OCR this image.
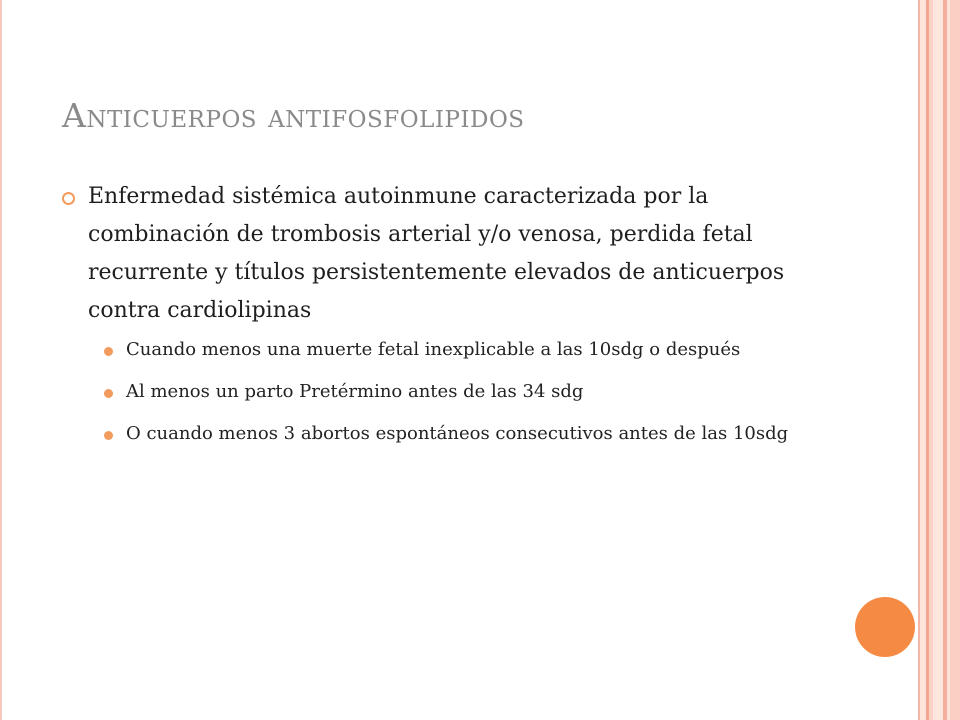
Anticuerpos antifosfolipidos

Enfermedad sistémica autoinmune caracterizada por la combinación de trombosis arterial y/o venosa, perdida fetal recurrente y títulos persistentemente elevados de anticuerpos contra cardiolipinas

Cuando menos una muerte fetal inexplicable a las 10sdg o después
Al menos un parto Pretérmino antes de las 34 sdg
O cuando menos 3 abortos espontáneos consecutivos antes de las 10sdg
